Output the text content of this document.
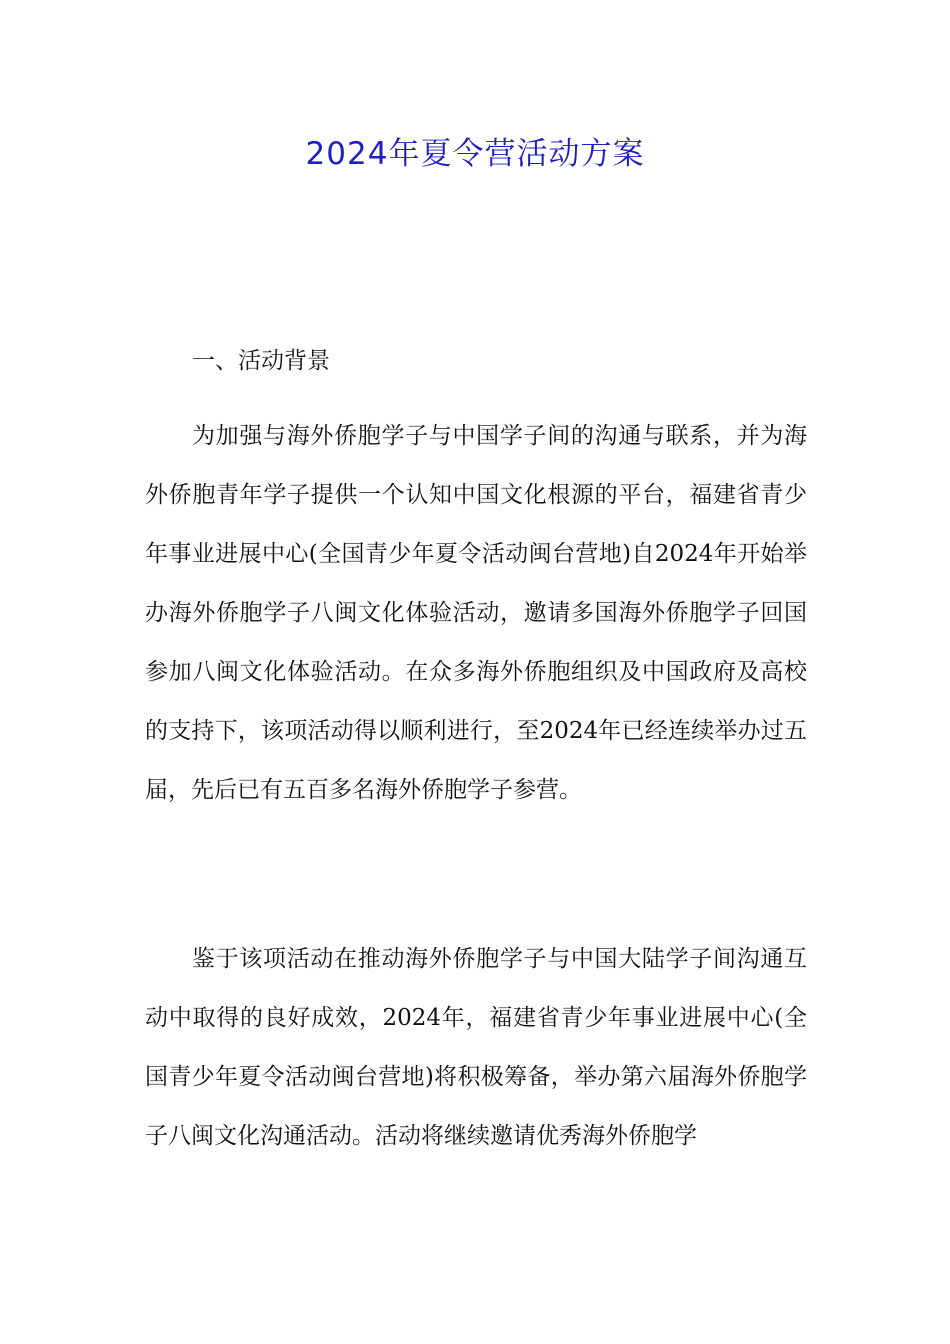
2024年夏令营活动方案

一、活动背景

为加强与海外侨胞学子与中国学子间的沟通与联系，并为海外侨胞青年学子提供一个认知中国文化根源的平台，福建省青少年事业进展中心(全国青少年夏令活动闽台营地)自2024年开始举办海外侨胞学子八闽文化体验活动，邀请多国海外侨胞学子回国参加八闽文化体验活动。在众多海外侨胞组织及中国政府及高校的支持下，该项活动得以顺利进行，至2024年已经连续举办过五届，先后已有五百多名海外侨胞学子参营。

鉴于该项活动在推动海外侨胞学子与中国大陆学子间沟通互动中取得的良好成效，2024年，福建省青少年事业进展中心(全国青少年夏令活动闽台营地)将积极筹备，举办第六届海外侨胞学子八闽文化沟通活动。活动将继续邀请优秀海外侨胞学
